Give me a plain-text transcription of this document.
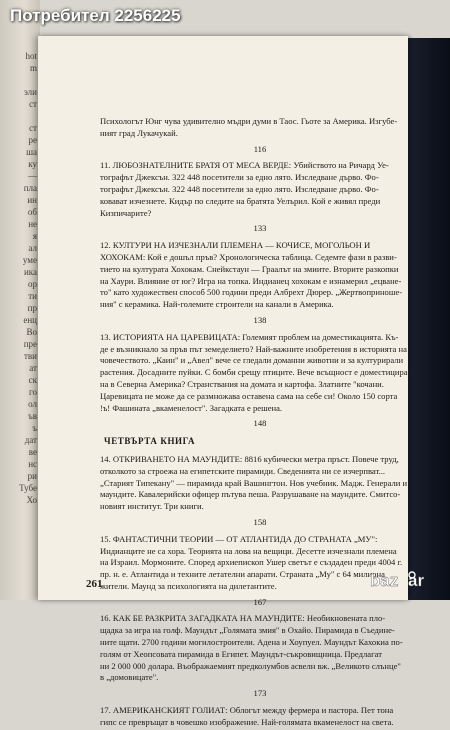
hot
m

эли
ст

ст
ре
ша
ку
—
пла
ин
об
не
я
ал
уме
ика
ор
ти
пр
енц
Во
пре
тви
ат
ск
го
ол
ъв
ъ
дат
ве
нс
ри
Тубе
Хо
Психологът Юнг чува удивително мъдри думи в Таос. Гьоте за Америка. Изгубе-
ният град Лукачукай.
116
11. ЛЮБОЗНАТЕЛНИТЕ БРАТЯ ОТ МЕСА ВЕРДЕ: Убийството на Ричард Уе-
тографът Джексън. 322 448 посетители за едно лято. Изследване дърво. Фо-
тографът Джексън. 322 448 посетители за едно лято. Изследване дърво. Фо-
ковават изчезнете. Кидър по следите на братята Уелърил. Кой е живял преди
Кизпичарите?
133
12. КУЛТУРИ НА ИЗЧЕЗНАЛИ ПЛЕМЕНА — КОЧИСЕ, МОГОЛЬОН И
ХОХОКАМ: Кой е дошъл пръв? Хронологическа таблица. Седемте фази в разви-
тието на културата Хохокам. Снейкстаун — Граалът на змиите. Вторите разкопки
на Хаури. Влияние от юг? Игра на топка. Индианец хохокам е изнамерил „ецване-
то" като художествен способ 500 години преди Албрехт Дюрер. „Жертвоприноше-
ния" с керамика. Най-големите строители на канали в Америка.
138
13. ИСТОРИЯТА НА ЦАРЕВИЦАТА: Големият проблем на доместикацията. Къ-
де е възникнало за пръв път земеделието? Най-важните изобретения в историята на
човечеството. „Каин" и „Авел" вече се гледали доманни животни и за културирали
растения. Досадните пуйки. С бомби срещу птиците. Вече всъщност е доместицира-
на в Северна Америка? Странствания на домата и картофа. Златните "кочани.
Царевицата не може да се размножава оставена сама на себе си! Около 150 сорта
!ъ! Фашината „вкаменелост". Загадката е решена.
148
ЧЕТВЪРТА КНИГА
14. ОТКРИВАНЕТО НА МАУНДИТЕ: 8816 кубически метра пръст. Повече труд,
отколкото за строежа на египетските пирамиди. Сведенията ни се изчерпват...
„Старият Типекану" — пирамида край Вашингтон. Нов учебник. Мадж. Генерали и
маундите. Кавалерийски офицер пътува пеша. Разрушаване на маундите. Смитсо-
новият институт. Три книги.
158
15. ФАНТАСТИЧНИ ТЕОРИИ — ОТ АТЛАНТИДА ДО СТРАНАТА „МУ":
Индианците не са хора. Теорията на лова на вещици. Десетте изчезнали племена
на Израил. Мормоните. Според архиепископ Ушер светът е създаден преди 4004 г.
пр. н. е. Атлантида и техните летателни апарати. Страната „Му" с 64 милиона
жители. Маунд за психологията на дилетантите.
167
16. КАК БЕ РАЗКРИТА ЗАГАДКАТА НА МАУНДИТЕ: Необикновената пло-
щадка за игра на голф. Маундът „Голямата змия" в Охайо. Пирамида в Съедине-
ните щати. 2700 години могилостроители. Адена и Хоупуел. Маундът Кахокиа по-
голям от Хеопсовата пирамида в Египет. Маундът-съкровищница. Предлагат
ни 2 000 000 долара. Въображаемият предколумбов асвелн вж. „Великото слънце"
в „домовицате".
173
17. АМЕРИКАНСКИЯТ ГОЛИАТ: Облогът между фермера и пастора. Пет тона
гипс се превръщат в човешко изображение. Най-голямата вкаменелост на света.
261
Потребител 2256225
baz ar
